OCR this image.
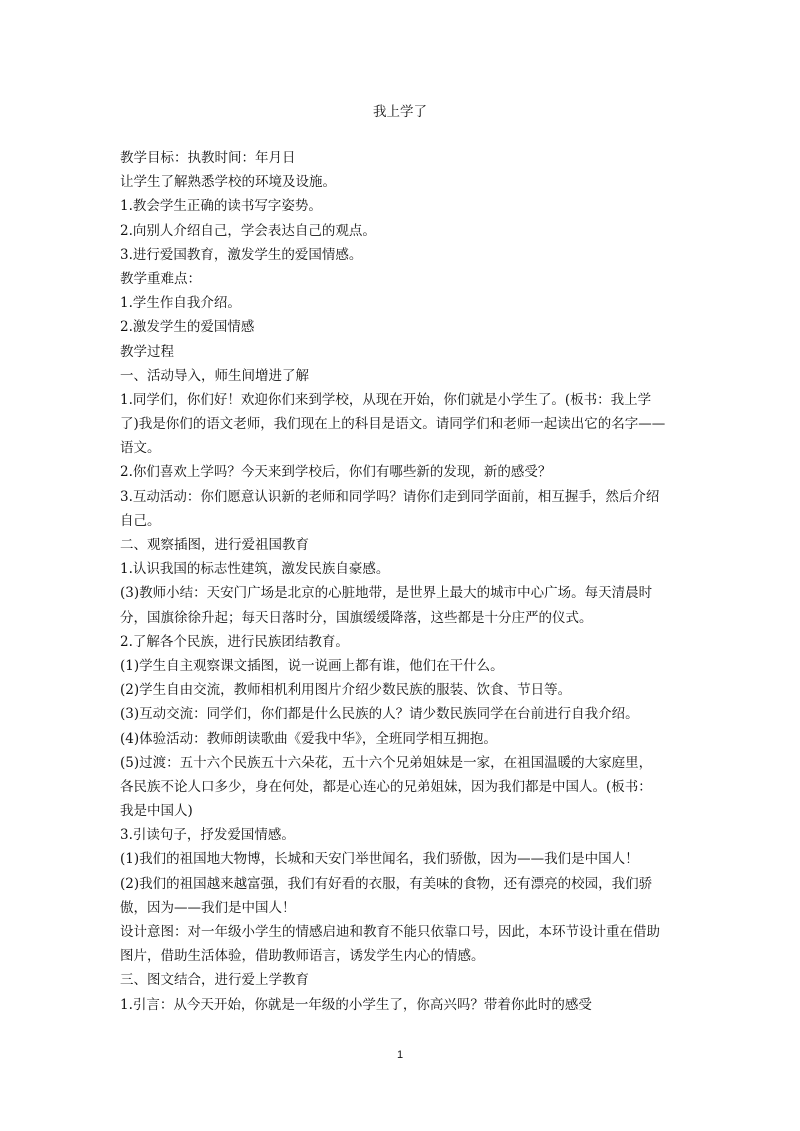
我上学了
教学目标：执教时间：年月日
让学生了解熟悉学校的环境及设施。
1.教会学生正确的读书写字姿势。
2.向别人介绍自己，学会表达自己的观点。
3.进行爱国教育，激发学生的爱国情感。
教学重难点：
1.学生作自我介绍。
2.激发学生的爱国情感
教学过程
一、活动导入，师生间增进了解
1.同学们，你们好！欢迎你们来到学校，从现在开始，你们就是小学生了。(板书：我上学
了)我是你们的语文老师，我们现在上的科目是语文。请同学们和老师一起读出它的名字——
语文。
2.你们喜欢上学吗？今天来到学校后，你们有哪些新的发现，新的感受？
3.互动活动：你们愿意认识新的老师和同学吗？请你们走到同学面前，相互握手，然后介绍
自己。
二、观察插图，进行爱祖国教育
1.认识我国的标志性建筑，激发民族自豪感。
(3)教师小结：天安门广场是北京的心脏地带，是世界上最大的城市中心广场。每天清晨时
分，国旗徐徐升起；每天日落时分，国旗缓缓降落，这些都是十分庄严的仪式。
2.了解各个民族，进行民族团结教育。
(1)学生自主观察课文插图，说一说画上都有谁，他们在干什么。
(2)学生自由交流，教师相机利用图片介绍少数民族的服装、饮食、节日等。
(3)互动交流：同学们，你们都是什么民族的人？请少数民族同学在台前进行自我介绍。
(4)体验活动：教师朗读歌曲《爱我中华》，全班同学相互拥抱。
(5)过渡：五十六个民族五十六朵花，五十六个兄弟姐妹是一家，在祖国温暖的大家庭里，
各民族不论人口多少，身在何处，都是心连心的兄弟姐妹，因为我们都是中国人。(板书：
我是中国人)
3.引读句子，抒发爱国情感。
(1)我们的祖国地大物博，长城和天安门举世闻名，我们骄傲，因为——我们是中国人！
(2)我们的祖国越来越富强，我们有好看的衣服，有美味的食物，还有漂亮的校园，我们骄
傲，因为——我们是中国人！
设计意图：对一年级小学生的情感启迪和教育不能只依靠口号，因此，本环节设计重在借助
图片，借助生活体验，借助教师语言，诱发学生内心的情感。
三、图文结合，进行爱上学教育
1.引言：从今天开始，你就是一年级的小学生了，你高兴吗？带着你此时的感受
1
